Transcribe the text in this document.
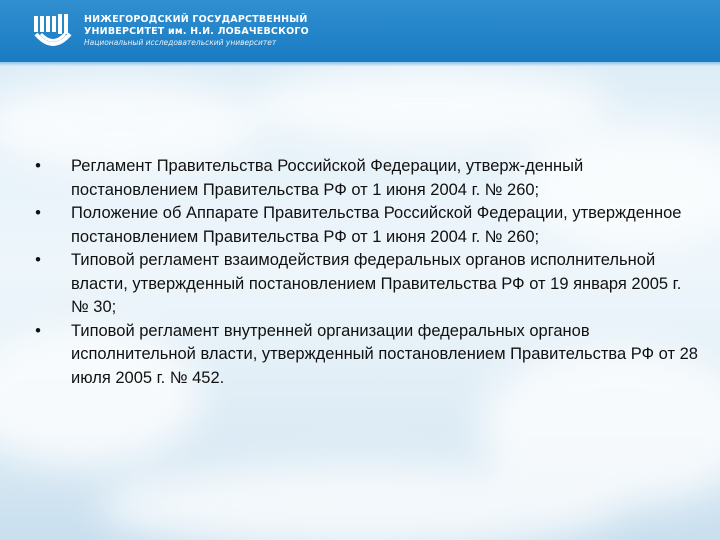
НИЖЕГОРОДСКИЙ ГОСУДАРСТВЕННЫЙ
УНИВЕРСИТЕТ им. Н.И. ЛОБАЧЕВСКОГО
Национальный исследовательский университет
•	Регламент Правительства Российской Федерации, утверж-денный постановлением Правительства РФ от 1 июня 2004 г. № 260;
•	Положение об Аппарате Правительства Российской Федерации, утвержденное постановлением Правительства РФ от 1 июня 2004 г. № 260;
•	Типовой регламент взаимодействия федеральных органов исполнительной власти, утвержденный постановлением Правительства РФ от 19 января 2005 г. № 30;
•	Типовой регламент внутренней организации федеральных органов исполнительной власти, утвержденный постановлением Правительства РФ от 28 июля 2005 г. № 452.
